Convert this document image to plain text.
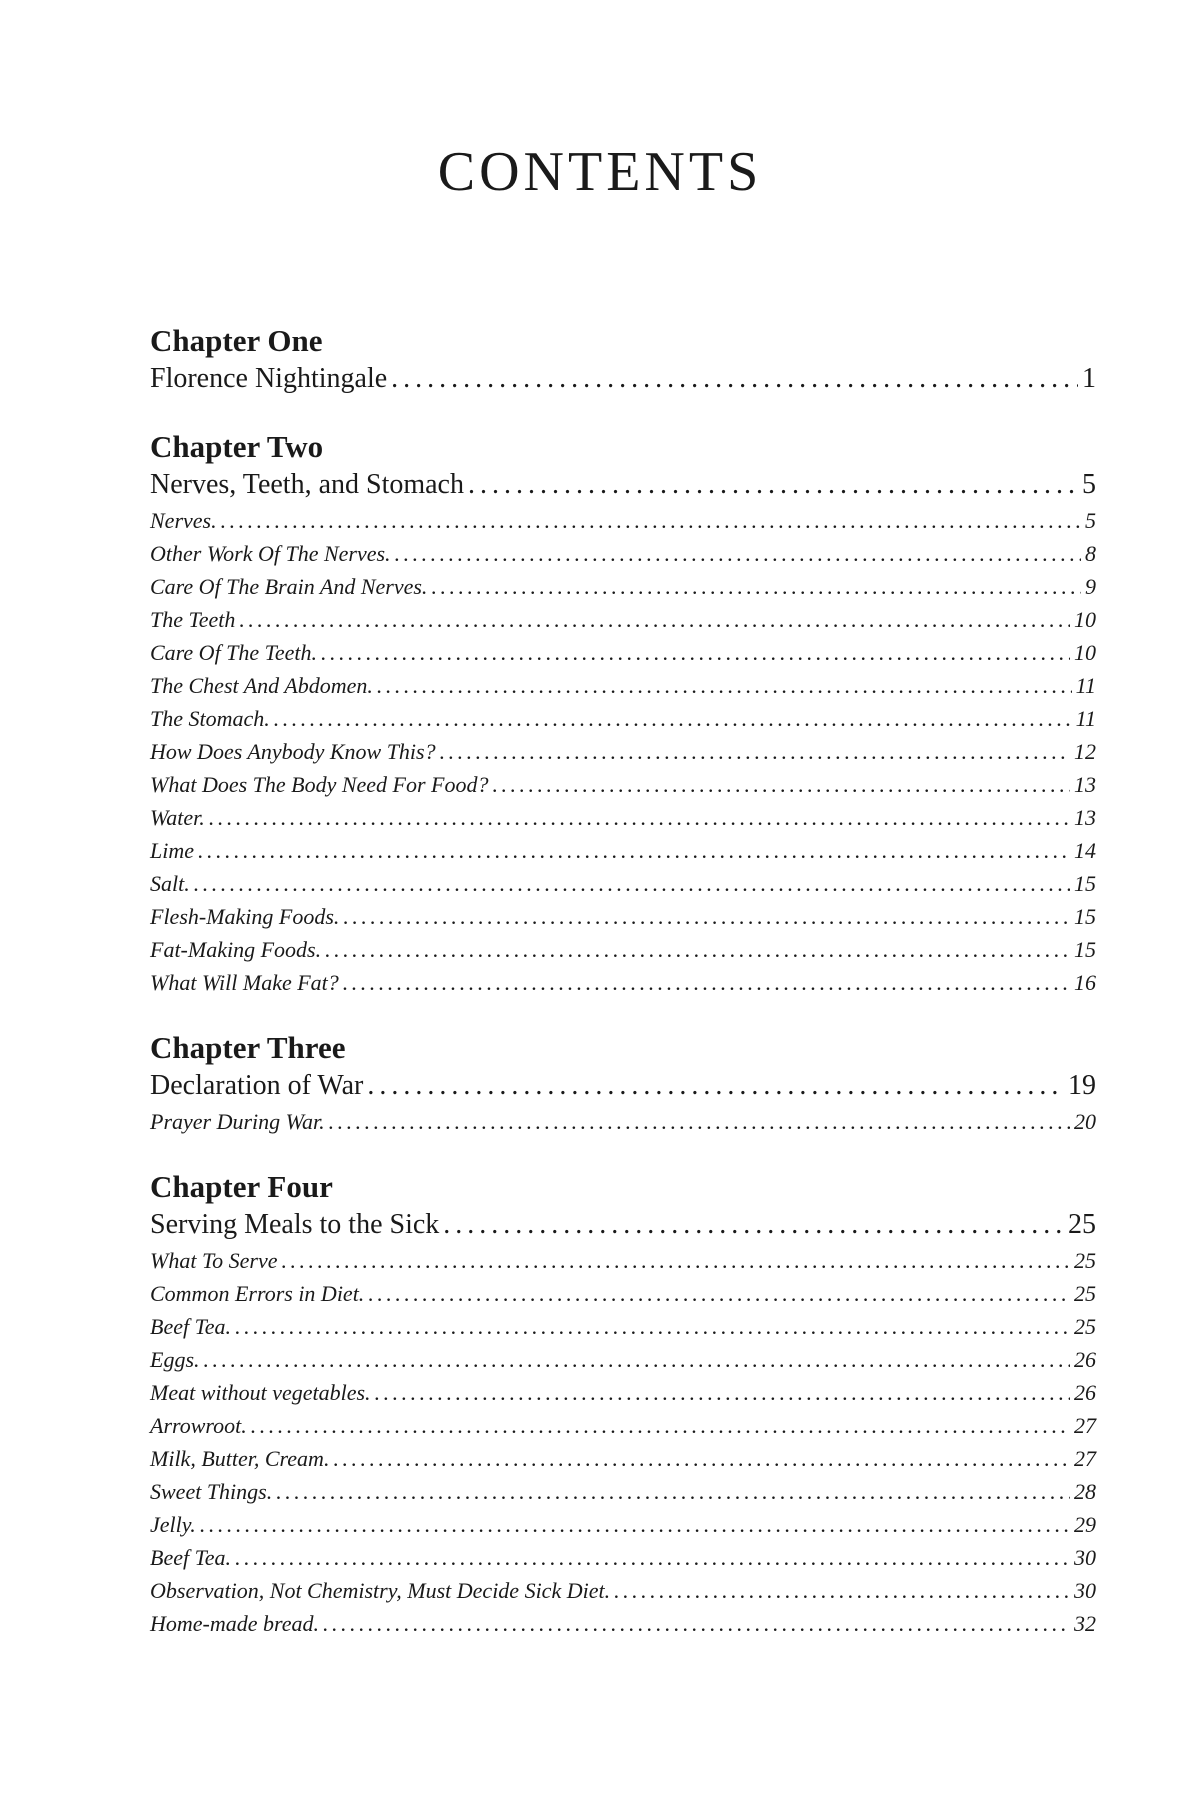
CONTENTS
Chapter One
Florence Nightingale . . .	1
Chapter Two
Nerves, Teeth, and Stomach . . .	5
Nerves. . . .	5
Other Work Of The Nerves. . . .	8
Care Of The Brain And Nerves. . . .	9
The Teeth . . .	10
Care Of The Teeth. . . .	10
The Chest And Abdomen. . . .	11
The Stomach. . . .	11
How Does Anybody Know This? . . .	12
What Does The Body Need For Food? . . .	13
Water. . . .	13
Lime . . .	14
Salt. . . .	15
Flesh-Making Foods. . . .	15
Fat-Making Foods. . . .	15
What Will Make Fat? . . .	16
Chapter Three
Declaration of War . . .	19
Prayer During War. . . .	20
Chapter Four
Serving Meals to the Sick . . .	25
What To Serve . . .	25
Common Errors in Diet. . . .	25
Beef Tea. . . .	25
Eggs. . . .	26
Meat without vegetables. . . .	26
Arrowroot. . . .	27
Milk, Butter, Cream. . . .	27
Sweet Things. . . .	28
Jelly. . . .	29
Beef Tea. . . .	30
Observation, Not Chemistry, Must Decide Sick Diet. . . .	30
Home-made bread. . . .	32
